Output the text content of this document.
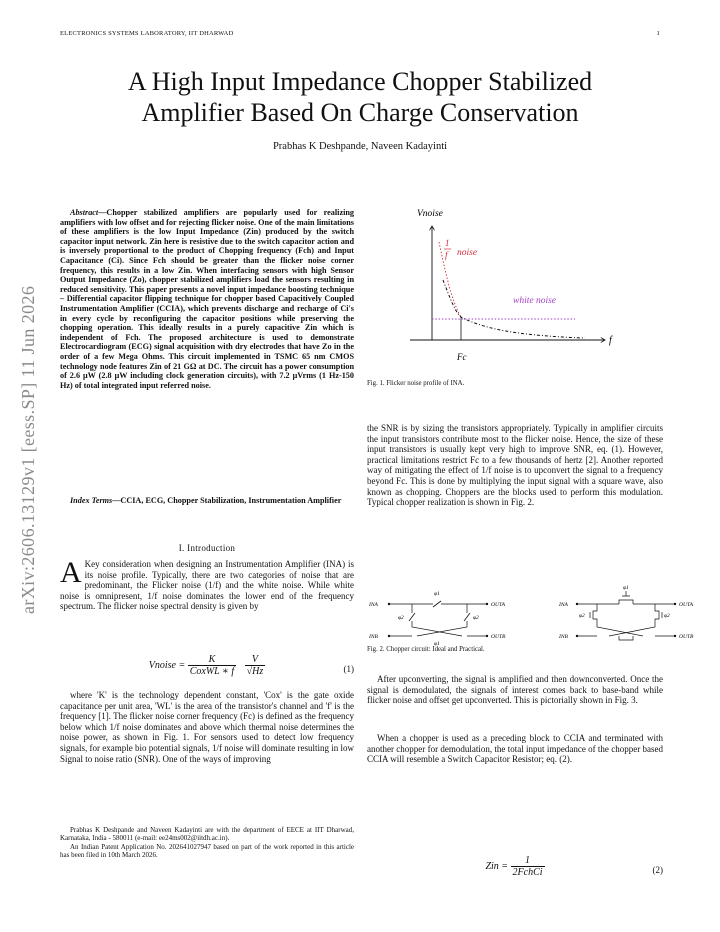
ELECTRONICS SYSTEMS LABORATORY, IIT DHARWAD	1
A High Input Impedance Chopper Stabilized
Amplifier Based On Charge Conservation
Prabhas K Deshpande, Naveen Kadayinti
arXiv:2606.13129v1 [eess.SP] 11 Jun 2026

Abstract—Chopper stabilized amplifiers are popularly used for realizing amplifiers with low offset and for rejecting flicker noise. One of the main limitations of these amplifiers is the low Input Impedance (Zin) produced by the switch capacitor input network. Zin here is resistive due to the switch capacitor action and is inversely proportional to the product of Chopping frequency (Fch) and Input Capacitance (Ci). Since Fch should be greater than the flicker noise corner frequency, this results in a low Zin. When interfacing sensors with high Sensor Output Impedance (Zo), chopper stabilized amplifiers load the sensors resulting in reduced sensitivity. This paper presents a novel input impedance boosting technique – Differential capacitor flipping technique for chopper based Capacitively Coupled Instrumentation Amplifier (CCIA), which prevents discharge and recharge of Ci's in every cycle by reconfiguring the capacitor positions while preserving the chopping operation. This ideally results in a purely capacitive Zin which is independent of Fch. The proposed architecture is used to demonstrate Electrocardiogram (ECG) signal acquisition with dry electrodes that have Zo in the order of a few Mega Ohms. This circuit implemented in TSMC 65 nm CMOS technology node features Zin of 21 GΩ at DC. The circuit has a power consumption of 2.6 μW (2.8 μW including clock generation circuits), with 7.2 μVrms (1 Hz-150 Hz) of total integrated input referred noise.

Index Terms—CCIA, ECG, Chopper Stabilization, Instrumentation Amplifier

I. Introduction

A Key consideration when designing an Instrumentation Amplifier (INA) is its noise profile. Typically, there are two categories of noise that are predominant, the Flicker noise (1/f) and the white noise. While white noise is omnipresent, 1/f noise dominates the lower end of the frequency spectrum. The flicker noise spectral density is given by

Vnoise = $\frac{K}{\text{CoxWL ∗ f}}$
$\frac{V}{√Hz}$	(1)

where 'K' is the technology dependent constant, 'Cox' is the gate oxide capacitance per unit area, 'WL' is the area of the transistor's channel and 'f' is the frequency [1]. The flicker noise corner frequency (Fc) is defined as the frequency below which 1/f noise dominates and above which thermal noise determines the noise power, as shown in Fig. 1. For sensors used to detect low frequency signals, for example bio potential signals, 1/f noise will dominate resulting in low Signal to noise ratio (SNR). One of the ways of improving

Prabhas K Deshpande and Naveen Kadayinti are with the department of EECE at IIT Dharwad, Karnataka, India - 580011 (e-mail: ee24ms002@iitdh.ac.in).

An Indian Patent Application No. 202641027947 based on part of the work reported in this article has been filed in 10th March 2026.

Vnoise
f
Fc
1
f noise
white noise
Fig. 1. Flicker noise profile of INA.

the SNR is by sizing the transistors appropriately. Typically in amplifier circuits the input transistors contribute most to the flicker noise. Hence, the size of these input transistors is usually kept very high to improve SNR, eq. (1). However, practical limitations restrict Fc to a few thousands of hertz [2]. Another reported way of mitigating the effect of 1/f noise is to upconvert the signal to a frequency beyond Fc. This is done by multiplying the input signal with a square wave, also known as chopping. Choppers are the blocks used to perform this modulation. Typical chopper realization is shown in Fig. 2.

INA
INB
OUTA
OUTB
φ1
φ2	φ2
φ1
INA
INB
OUTA
OUTB
φ1
φ2	φ2
Fig. 2. Chopper circuit: Ideal and Practical.

After upconverting, the signal is amplified and then downconverted. Once the signal is demodulated, the signals of interest comes back to base-band while flicker noise and offset get upconverted. This is pictorially shown in Fig. 3.

When a chopper is used as a preceding block to CCIA and terminated with another chopper for demodulation, the total input impedance of the chopper based CCIA will resemble a Switch Capacitor Resistor; eq. (2).

Zin = $\frac{1}{\text{2FchCi}}$	(2)
